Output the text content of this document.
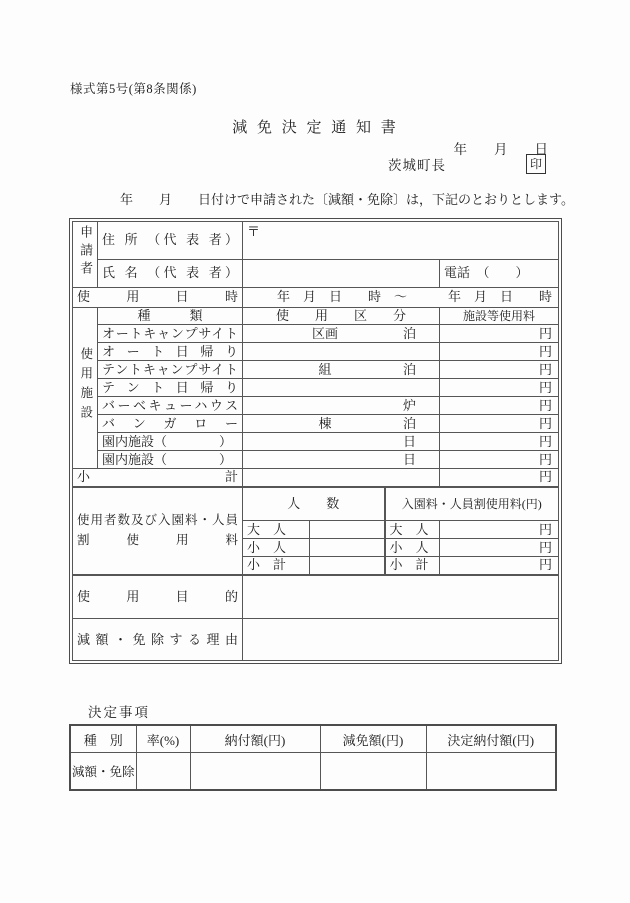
様式第5号(第8条関係)
減 免 決 定 通 知 書
年　　月　　日
茨城町長	印
年　　月　　日付けで申請された〔減額・免除〕は，下記のとおりとします。
申請者	住 所 （代 表 者）	〒			
	氏 名 （代 表 者）				電話　（　　）
使 用 日 時		年　月　日　　時　～ 年　月　日　　時			

使用施設	種　　　類	使　　用　　区　　分			施設等使用料
	オートキャンプサイト	区画 泊			円
	オ ー ト 日 帰 り				円
	テントキャンプサイト	組 泊			円
	テ ン ト 日 帰 り				円
	バーベキューハウス	炉			円
	バ ン ガ ロ ー	棟 泊			円
	園内施設（　　　　）	日			円
	園内施設（　　　　）	日			円
小 計					円
使用者数及び入園料・人員割使用料		人　　数		入園料・人員割使用料(円)	
		大　人		大　人	円
		小　人		小　人	円
		小　計		小　計	円
使 用 目 的					
減 額 ・ 免 除 す る 理 由					
決定事項
種　別	率(%)	納付額(円)	減免額(円)	決定納付額(円)
減額・免除				
